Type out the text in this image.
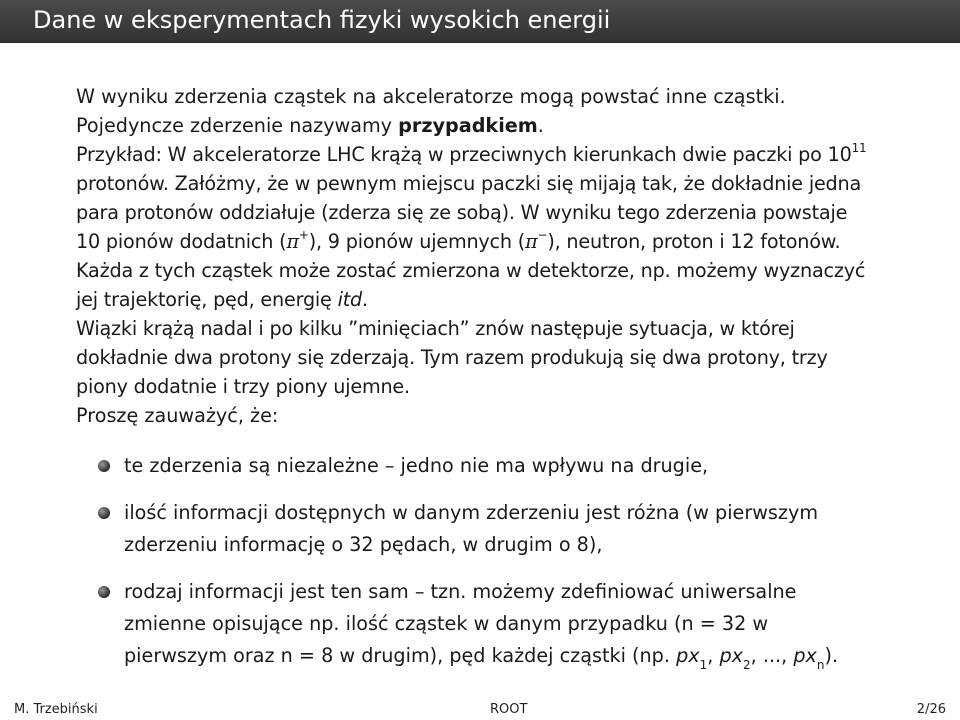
Dane w eksperymentach fizyki wysokich energii

W wyniku zderzenia cząstek na akceleratorze mogą powstać inne cząstki.

Pojedyncze zderzenie nazywamy przypadkiem.

Przykład: W akceleratorze LHC krążą w przeciwnych kierunkach dwie paczki po $10^{11}$ protonów. Załóżmy, że w pewnym miejscu paczki się mijają tak, że dokładnie jedna para protonów oddziałuje (zderza się ze sobą). W wyniku tego zderzenia powstaje 10 pionów dodatnich (π+), 9 pionów ujemnych (π−), neutron, proton i 12 fotonów. Każda z tych cząstek może zostać zmierzona w detektorze, np. możemy wyznaczyć jej trajektorię, pęd, energię itd.

Wiązki krążą nadal i po kilku ”minięciach” znów następuje sytuacja, w której dokładnie dwa protony się zderzają. Tym razem produkują się dwa protony, trzy piony dodatnie i trzy piony ujemne.

Proszę zauważyć, że:

te zderzenia są niezależne – jedno nie ma wpływu na drugie,
ilość informacji dostępnych w danym zderzeniu jest różna (w pierwszym zderzeniu informację o 32 pędach, w drugim o 8),
rodzaj informacji jest ten sam – tzn. możemy zdefiniować uniwersalne zmienne opisujące np. ilość cząstek w danym przypadku (n = 32 w pierwszym oraz n = 8 w drugim), pęd każdej cząstki (np. $px_1$, $px_2$, ..., $px_n$).
M. Trzebiński	ROOT	2/26
